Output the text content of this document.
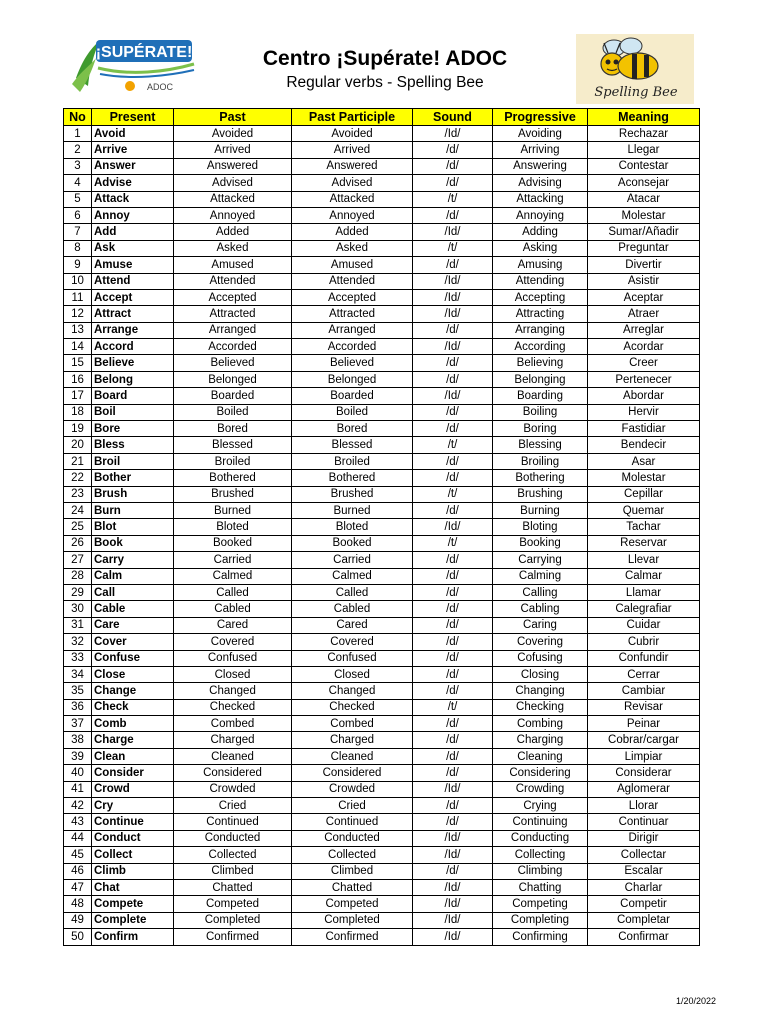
¡SUPÉRATE!
ADOC
Centro ¡Supérate! ADOC
Regular verbs - Spelling Bee
Spelling Bee
No	Present	Past	Past Participle	Sound	Progressive	Meaning
1	Avoid	Avoided	Avoided	/Id/	Avoiding	Rechazar
2	Arrive	Arrived	Arrived	/d/	Arriving	Llegar
3	Answer	Answered	Answered	/d/	Answering	Contestar
4	Advise	Advised	Advised	/d/	Advising	Aconsejar
5	Attack	Attacked	Attacked	/t/	Attacking	Atacar
6	Annoy	Annoyed	Annoyed	/d/	Annoying	Molestar
7	Add	Added	Added	/Id/	Adding	Sumar/Añadir
8	Ask	Asked	Asked	/t/	Asking	Preguntar
9	Amuse	Amused	Amused	/d/	Amusing	Divertir
10	Attend	Attended	Attended	/Id/	Attending	Asistir
11	Accept	Accepted	Accepted	/Id/	Accepting	Aceptar
12	Attract	Attracted	Attracted	/Id/	Attracting	Atraer
13	Arrange	Arranged	Arranged	/d/	Arranging	Arreglar
14	Accord	Accorded	Accorded	/Id/	According	Acordar
15	Believe	Believed	Believed	/d/	Believing	Creer
16	Belong	Belonged	Belonged	/d/	Belonging	Pertenecer
17	Board	Boarded	Boarded	/Id/	Boarding	Abordar
18	Boil	Boiled	Boiled	/d/	Boiling	Hervir
19	Bore	Bored	Bored	/d/	Boring	Fastidiar
20	Bless	Blessed	Blessed	/t/	Blessing	Bendecir
21	Broil	Broiled	Broiled	/d/	Broiling	Asar
22	Bother	Bothered	Bothered	/d/	Bothering	Molestar
23	Brush	Brushed	Brushed	/t/	Brushing	Cepillar
24	Burn	Burned	Burned	/d/	Burning	Quemar
25	Blot	Bloted	Bloted	/Id/	Bloting	Tachar
26	Book	Booked	Booked	/t/	Booking	Reservar
27	Carry	Carried	Carried	/d/	Carrying	Llevar
28	Calm	Calmed	Calmed	/d/	Calming	Calmar
29	Call	Called	Called	/d/	Calling	Llamar
30	Cable	Cabled	Cabled	/d/	Cabling	Calegrafiar
31	Care	Cared	Cared	/d/	Caring	Cuidar
32	Cover	Covered	Covered	/d/	Covering	Cubrir
33	Confuse	Confused	Confused	/d/	Cofusing	Confundir
34	Close	Closed	Closed	/d/	Closing	Cerrar
35	Change	Changed	Changed	/d/	Changing	Cambiar
36	Check	Checked	Checked	/t/	Checking	Revisar
37	Comb	Combed	Combed	/d/	Combing	Peinar
38	Charge	Charged	Charged	/d/	Charging	Cobrar/cargar
39	Clean	Cleaned	Cleaned	/d/	Cleaning	Limpiar
40	Consider	Considered	Considered	/d/	Considering	Considerar
41	Crowd	Crowded	Crowded	/Id/	Crowding	Aglomerar
42	Cry	Cried	Cried	/d/	Crying	Llorar
43	Continue	Continued	Continued	/d/	Continuing	Continuar
44	Conduct	Conducted	Conducted	/Id/	Conducting	Dirigir
45	Collect	Collected	Collected	/Id/	Collecting	Collectar
46	Climb	Climbed	Climbed	/d/	Climbing	Escalar
47	Chat	Chatted	Chatted	/Id/	Chatting	Charlar
48	Compete	Competed	Competed	/Id/	Competing	Competir
49	Complete	Completed	Completed	/Id/	Completing	Completar
50	Confirm	Confirmed	Confirmed	/Id/	Confirming	Confirmar
1/20/2022
